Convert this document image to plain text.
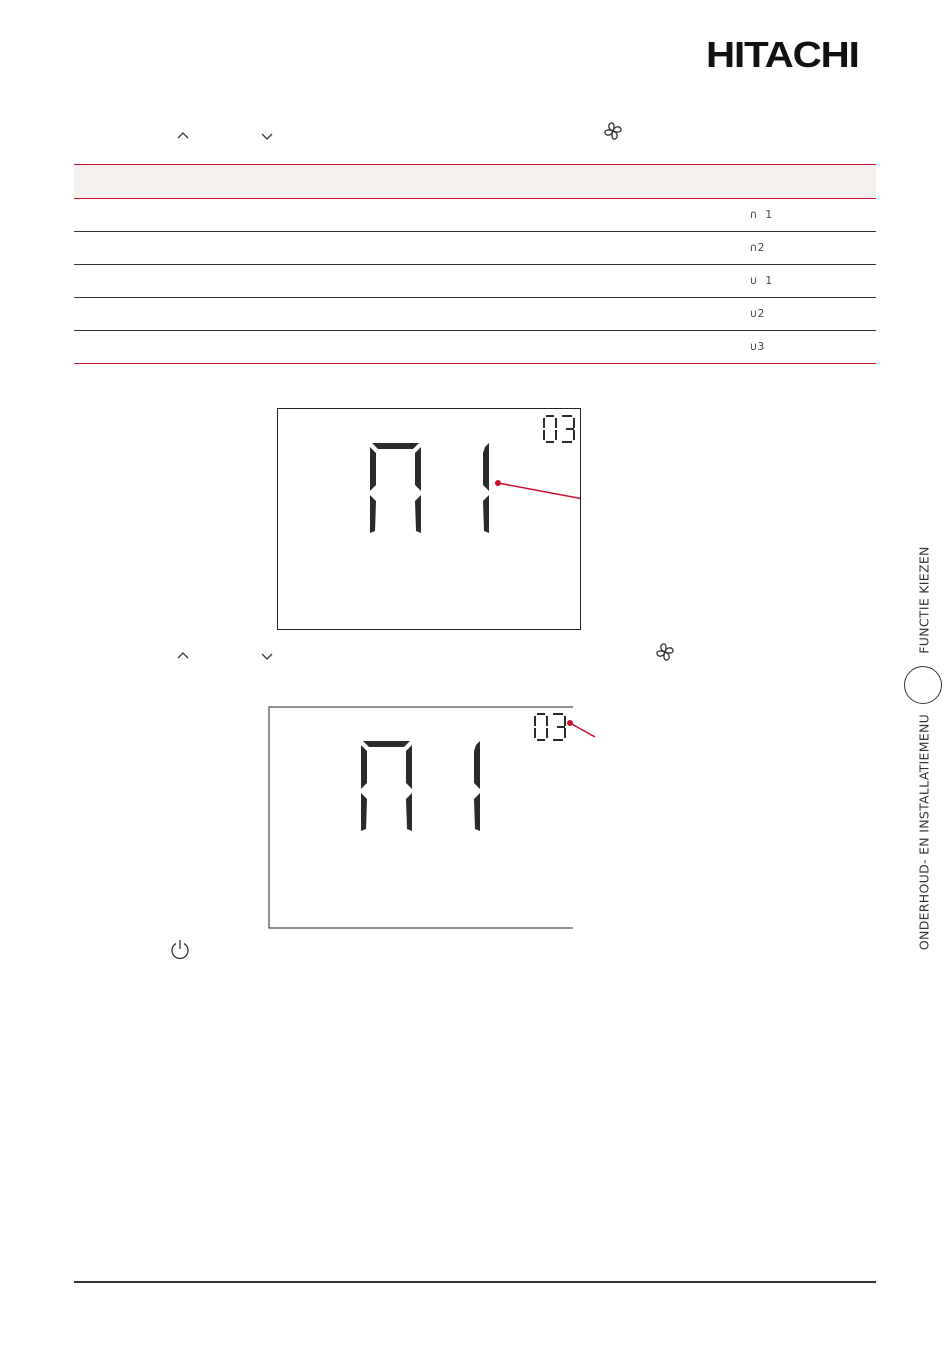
HITACHI
∩ 1
∩2
∪ 1
∪2
∪3
FUNCTIE KIEZEN
ONDERHOUD- EN INSTALLATIEMENU
